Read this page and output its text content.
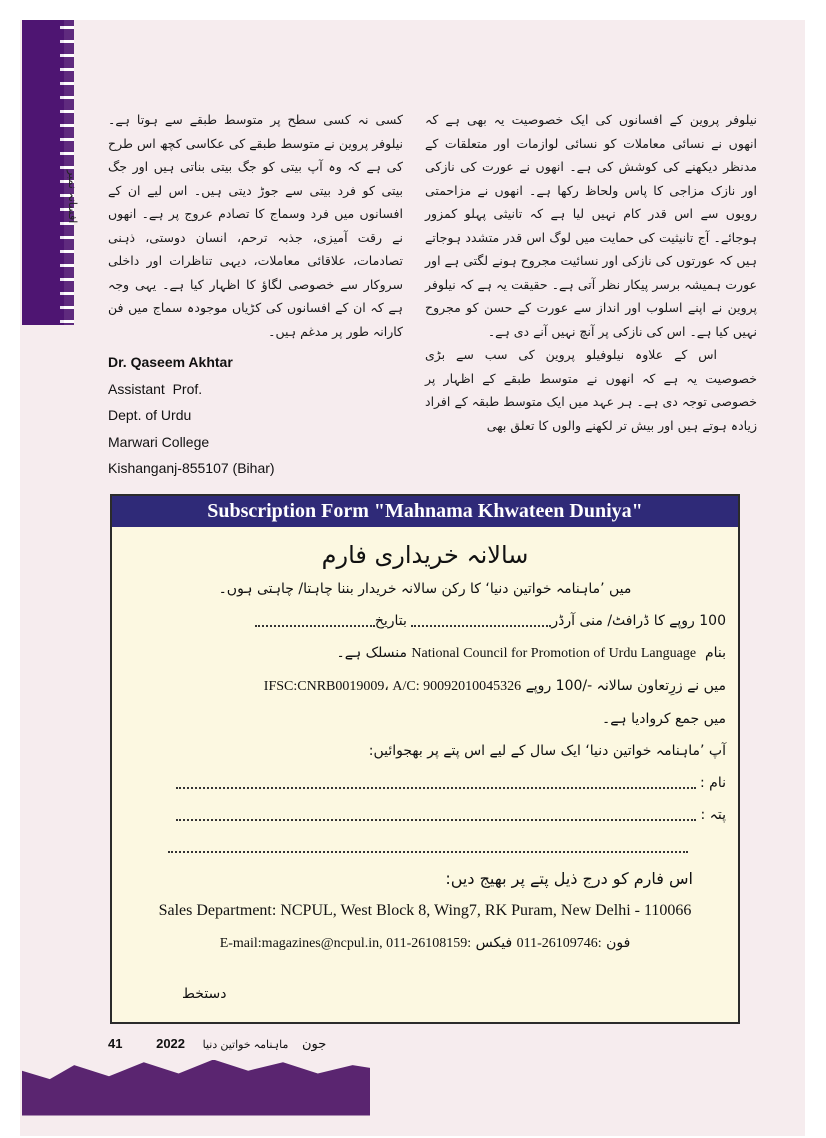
افسانہ نمبر

کسی نہ کسی سطح پر متوسط طبقے سے ہوتا ہے۔ نیلوفر پروین نے متوسط طبقے کی عکاسی کچھ اس طرح کی ہے کہ وہ آپ بیتی کو جگ بیتی بناتی ہیں اور جگ بیتی کو فرد بیتی سے جوڑ دیتی ہیں۔ اس لیے ان کے افسانوں میں فرد وسماج کا تصادم عروج پر ہے۔ انھوں نے رقت آمیزی، جذبہ ترحم، انسان دوستی، ذہنی تصادمات، علاقائی معاملات، دیہی تناظرات اور داخلی سروکار سے خصوصی لگاؤ کا اظہار کیا ہے۔ یہی وجہ ہے کہ ان کے افسانوں کی کڑیاں موجودہ سماج میں فن کارانہ طور پر مدغم ہیں۔

Dr. Qaseem Akhtar
Assistant  Prof.
Dept. of Urdu
Marwari College
Kishanganj-855107 (Bihar)

نیلوفر پروین کے افسانوں کی ایک خصوصیت یہ بھی ہے کہ انھوں نے نسائی معاملات کو نسائی لوازمات اور متعلقات کے مدنظر دیکھنے کی کوشش کی ہے۔ انھوں نے عورت کی نازکی اور نازک مزاجی کا پاس ولحاظ رکھا ہے۔ انھوں نے مزاحمتی رویوں سے اس قدر کام نہیں لیا ہے کہ تانیثی پہلو کمزور ہوجائے۔ آج تانیثیت کی حمایت میں لوگ اس قدر متشدد ہوجاتے ہیں کہ عورتوں کی نازکی اور نسائیت مجروح ہونے لگتی ہے اور عورت ہمیشہ برسر پیکار نظر آتی ہے۔ حقیقت یہ ہے کہ نیلوفر پروین نے اپنے اسلوب اور انداز سے عورت کے حسن کو مجروح نہیں کیا ہے۔ اس کی نازکی پر آنچ نہیں آنے دی ہے۔

اس کے علاوہ نیلوفیلو پروین کی سب سے بڑی خصوصیت یہ ہے کہ انھوں نے متوسط طبقے کے اظہار پر خصوصی توجہ دی ہے۔ ہر عہد میں ایک متوسط طبقہ کے افراد زیادہ ہوتے ہیں اور بیش تر لکھنے والوں کا تعلق بھی

Subscription Form "Mahnama Khwateen Duniya"
سالانہ خریداری فارم
میں ’ماہنامہ خواتین دنیا‘ کا رکن سالانہ خریدار بننا چاہتا/ چاہتی ہوں۔
100 روپے کا ڈرافٹ/ منی آرڈر بتاریخ
بنام  National Council for Promotion of Urdu Language منسلک ہے۔
میں نے زرِتعاون سالانہ -/100 روپے IFSC:CNRB0019009، A/C: 90092010045326
میں جمع کروادیا ہے۔
آپ ’ماہنامہ خواتین دنیا‘ ایک سال کے لیے اس پتے پر بھجوائیں:
نام :
پتہ :
اس فارم کو درج ذیل پتے پر بھیج دیں:
Sales Department: NCPUL, West Block 8, Wing7, RK Puram, New Delhi - 110066
E-mail:magazines@ncpul.in, 011-26108159: فیکس 011-26109746: فون
دستخط
41	2022	جون ماہنامہ خواتین دنیا
